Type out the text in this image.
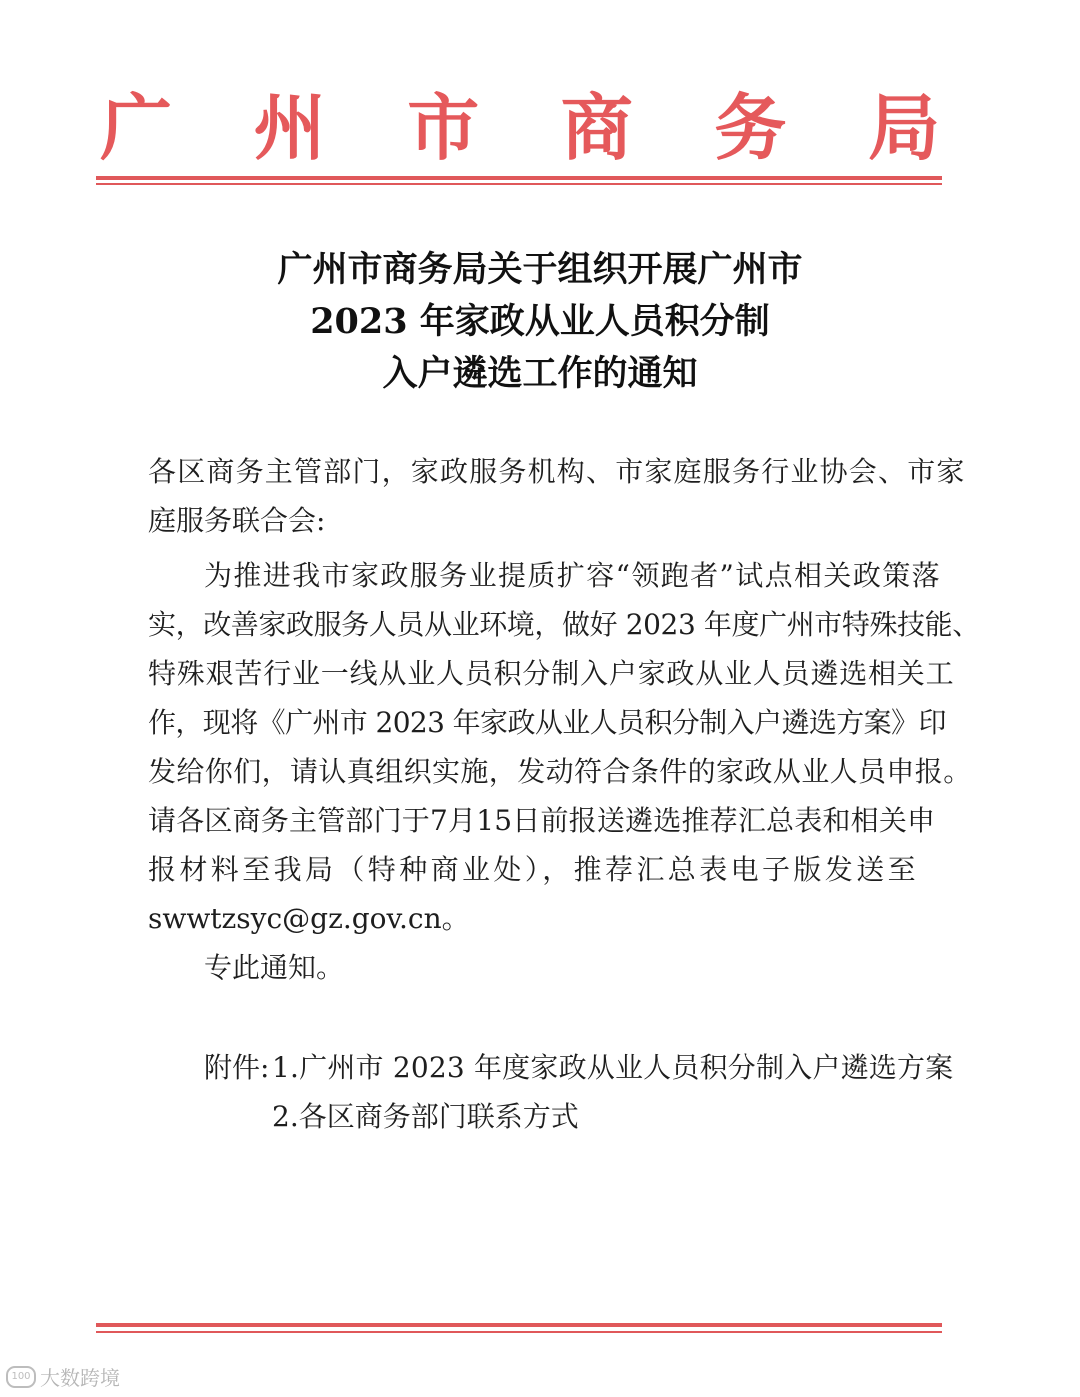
广 州 市 商 务 局
广州市商务局关于组织开展广州市
2023 年家政从业人员积分制
入户遴选工作的通知
各区商务主管部门，家政服务机构、市家庭服务行业协会、市家
庭服务联合会:
为推进我市家政服务业提质扩容“领跑者”试点相关政策落
实，改善家政服务人员从业环境，做好 2023 年度广州市特殊技能、
特殊艰苦行业一线从业人员积分制入户家政从业人员遴选相关工
作，现将《广州市 2023 年家政从业人员积分制入户遴选方案》印
发给你们，请认真组织实施，发动符合条件的家政从业人员申报。
请各区商务主管部门于7月15日前报送遴选推荐汇总表和相关申
报材料至我局（特种商业处），推荐汇总表电子版发送至
swwtzsyc@gz.gov.cn。
专此通知。
附件: 1.广州市 2023 年度家政从业人员积分制入户遴选方案
2.各区商务部门联系方式
100 大数跨境
